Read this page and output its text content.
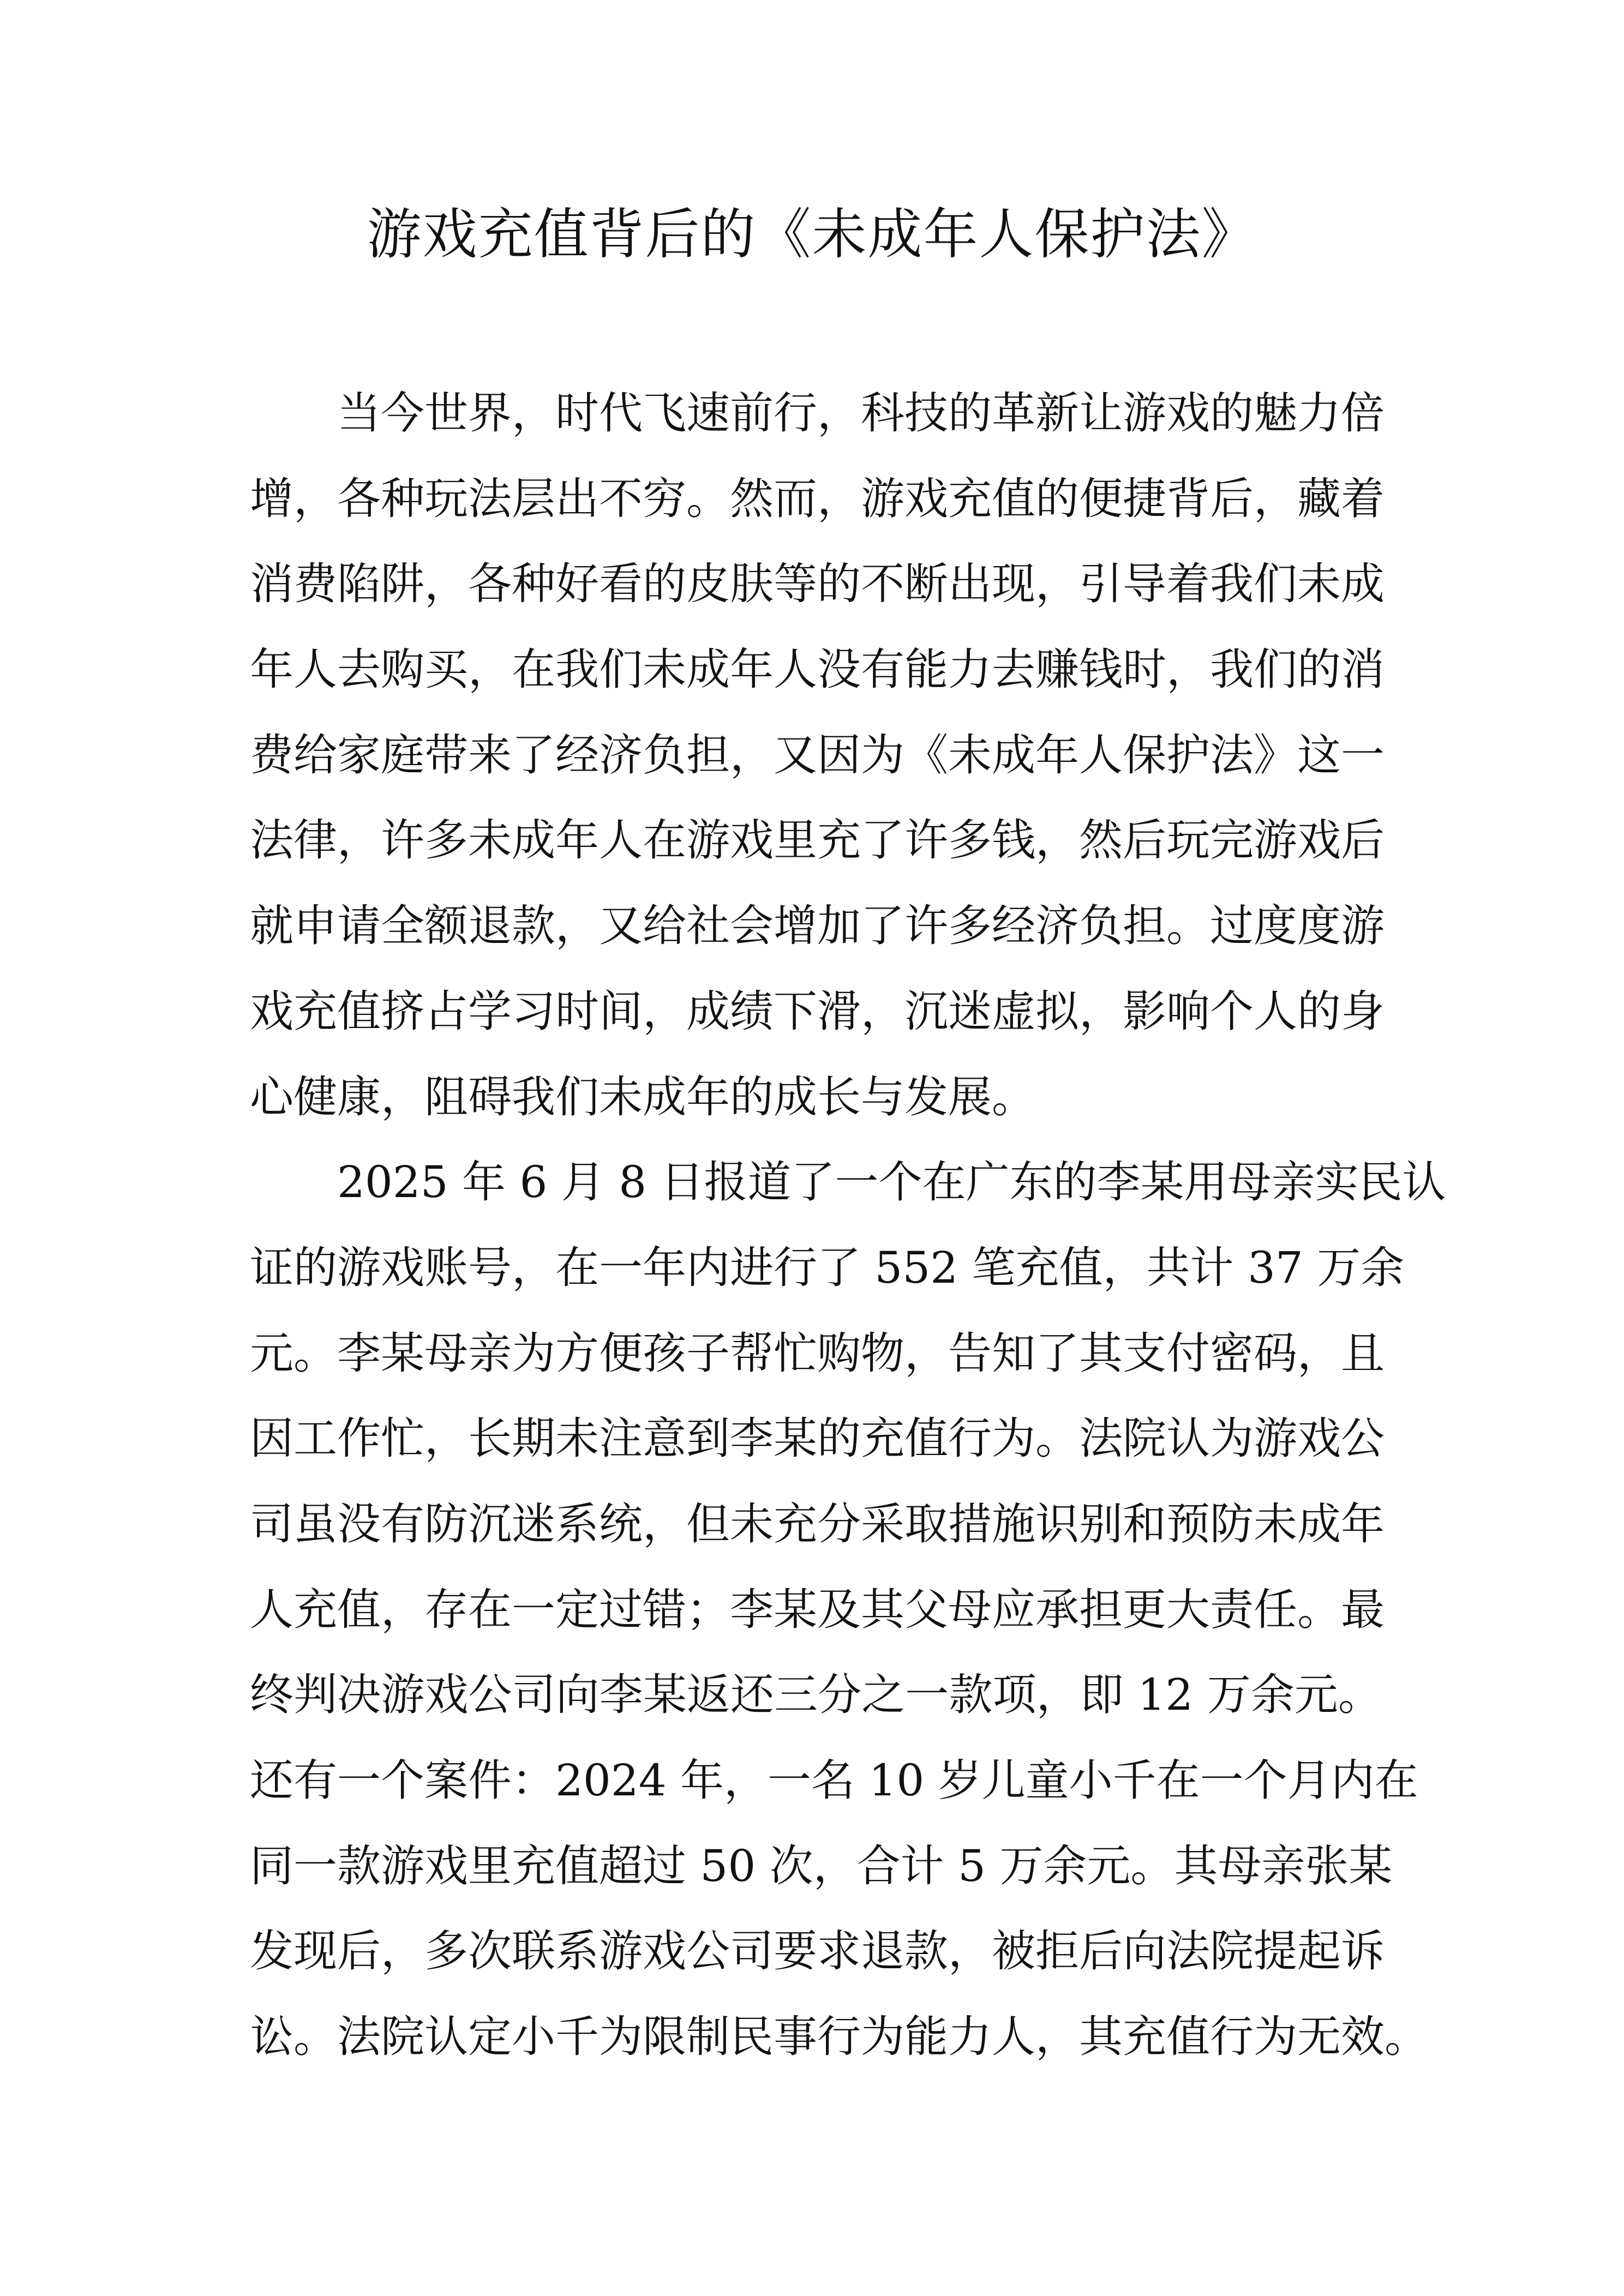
游戏充值背后的《未成年人保护法》
当今世界，时代飞速前行，科技的革新让游戏的魅力倍
增，各种玩法层出不穷。然而，游戏充值的便捷背后，藏着
消费陷阱，各种好看的皮肤等的不断出现，引导着我们未成
年人去购买，在我们未成年人没有能力去赚钱时，我们的消
费给家庭带来了经济负担，又因为《未成年人保护法》这一
法律，许多未成年人在游戏里充了许多钱，然后玩完游戏后
就申请全额退款，又给社会增加了许多经济负担。过度度游
戏充值挤占学习时间，成绩下滑，沉迷虚拟，影响个人的身
心健康，阻碍我们未成年的成长与发展。
2025 年 6 月 8 日报道了一个在广东的李某用母亲实民认
证的游戏账号，在一年内进行了 552 笔充值，共计 37 万余
元。李某母亲为方便孩子帮忙购物，告知了其支付密码，且
因工作忙，长期未注意到李某的充值行为。法院认为游戏公
司虽没有防沉迷系统，但未充分采取措施识别和预防未成年
人充值，存在一定过错；李某及其父母应承担更大责任。最
终判决游戏公司向李某返还三分之一款项，即 12 万余元。
还有一个案件：2024 年，一名 10 岁儿童小千在一个月内在
同一款游戏里充值超过 50 次，合计 5 万余元。其母亲张某
发现后，多次联系游戏公司要求退款，被拒后向法院提起诉
讼。法院认定小千为限制民事行为能力人，其充值行为无效。
